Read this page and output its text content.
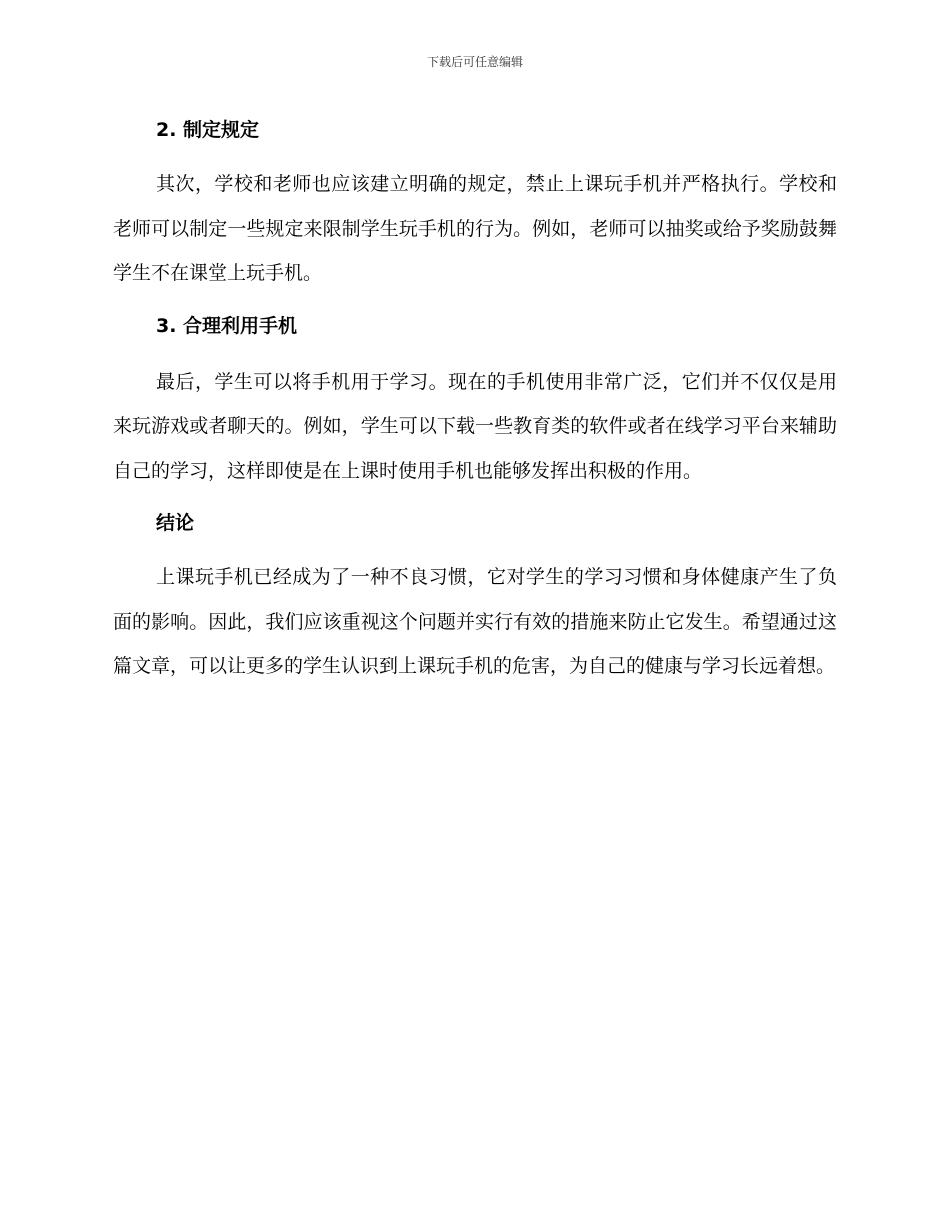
下载后可任意编辑
2. 制定规定

其次，学校和老师也应该建立明确的规定，禁止上课玩手机并严格执行。学校和老师可以制定一些规定来限制学生玩手机的行为。例如，老师可以抽奖或给予奖励鼓舞学生不在课堂上玩手机。

3. 合理利用手机

最后，学生可以将手机用于学习。现在的手机使用非常广泛，它们并不仅仅是用来玩游戏或者聊天的。例如，学生可以下载一些教育类的软件或者在线学习平台来辅助自己的学习，这样即使是在上课时使用手机也能够发挥出积极的作用。

结论

上课玩手机已经成为了一种不良习惯，它对学生的学习习惯和身体健康产生了负面的影响。因此，我们应该重视这个问题并实行有效的措施来防止它发生。希望通过这篇文章，可以让更多的学生认识到上课玩手机的危害，为自己的健康与学习长远着想。
